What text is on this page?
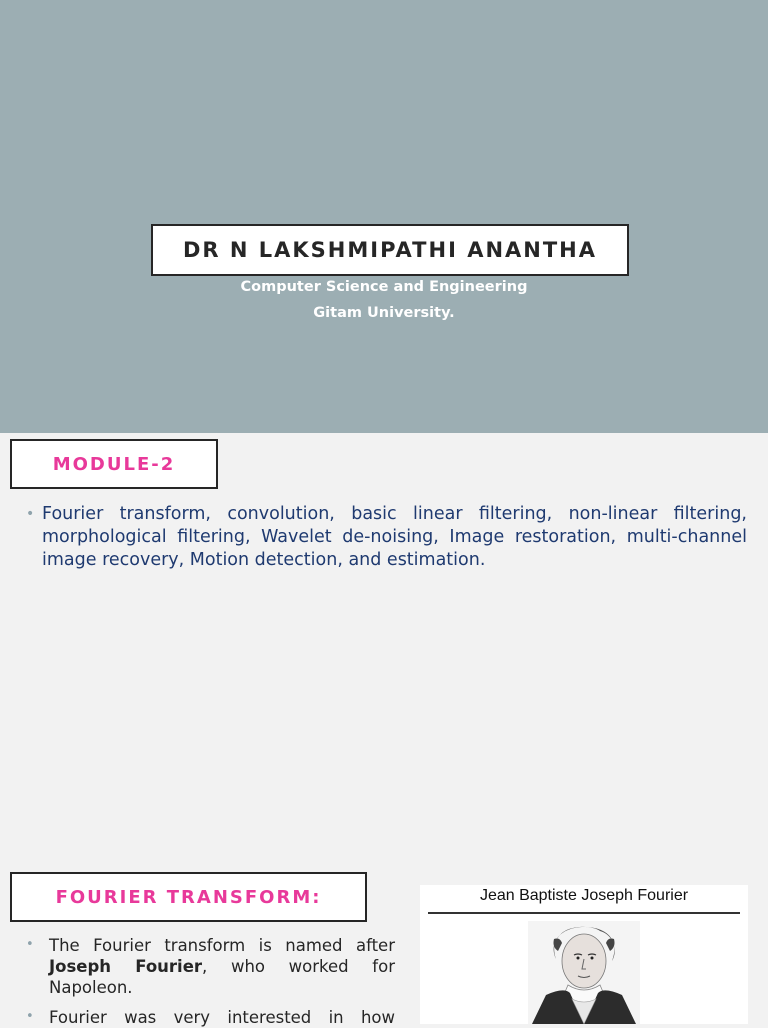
DR N LAKSHMIPATHI ANANTHA
Computer Science and Engineering
Gitam University.
MODULE-2
• Fourier transform, convolution, basic linear filtering, non-linear filtering, morphological filtering, Wavelet de-noising, Image restoration, multi-channel image recovery, Motion detection, and estimation.
FOURIER TRANSFORM:
• The Fourier transform is named after Joseph Fourier, who worked for Napoleon.
• Fourier was very interested in how
Jean Baptiste Joseph Fourier
